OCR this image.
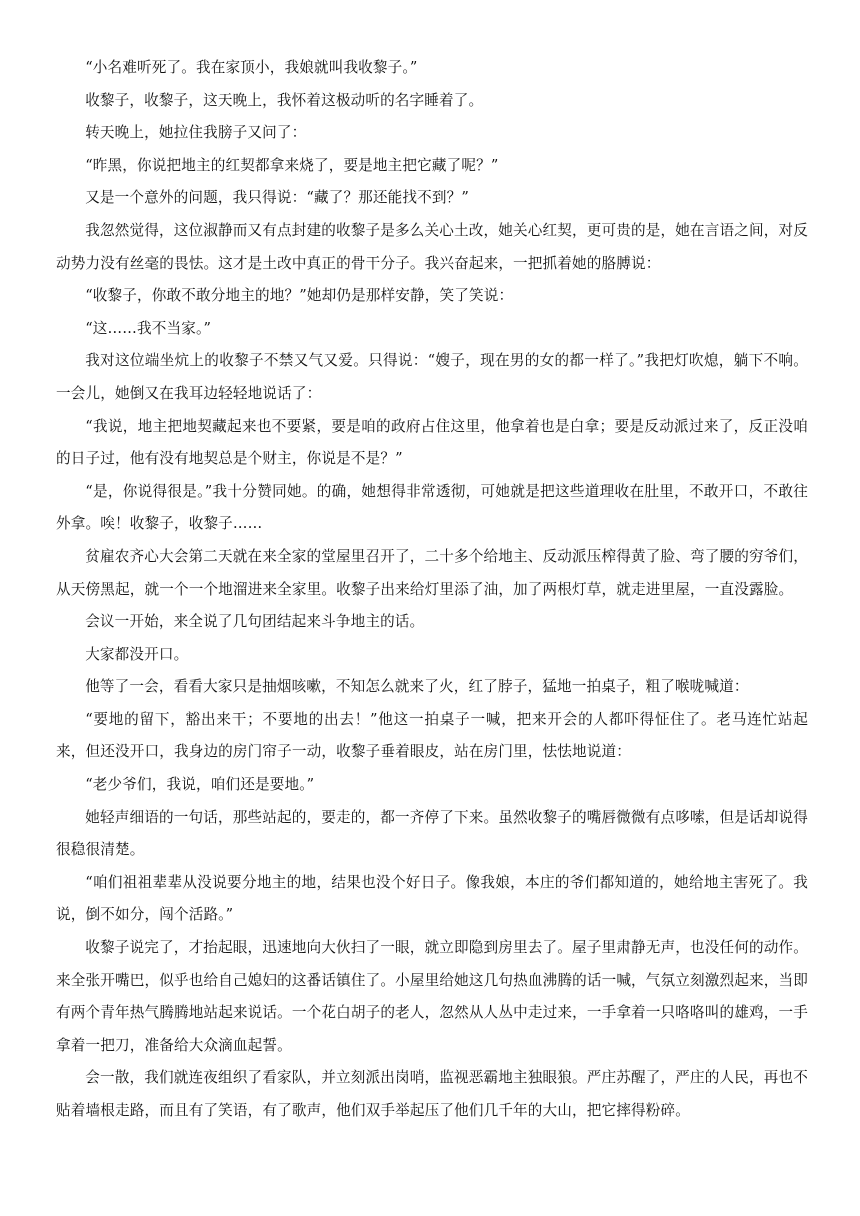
“小名难听死了。我在家顶小，我娘就叫我收黎子。”

收黎子，收黎子，这天晚上，我怀着这极动听的名字睡着了。

转天晚上，她拉住我膀子又问了：

“昨黑，你说把地主的红契都拿来烧了，要是地主把它藏了呢？”

又是一个意外的问题，我只得说：“藏了？那还能找不到？”

我忽然觉得，这位淑静而又有点封建的收黎子是多么关心土改，她关心红契，更可贵的是，她在言语之间，对反动势力没有丝毫的畏怯。这才是土改中真正的骨干分子。我兴奋起来，一把抓着她的胳膊说：

“收黎子，你敢不敢分地主的地？”她却仍是那样安静，笑了笑说：

“这……我不当家。”

我对这位端坐炕上的收黎子不禁又气又爱。只得说：“嫂子，现在男的女的都一样了。”我把灯吹熄，躺下不响。一会儿，她倒又在我耳边轻轻地说话了：

“我说，地主把地契藏起来也不要紧，要是咱的政府占住这里，他拿着也是白拿；要是反动派过来了，反正没咱的日子过，他有没有地契总是个财主，你说是不是？”

“是，你说得很是。”我十分赞同她。的确，她想得非常透彻，可她就是把这些道理收在肚里，不敢开口，不敢往外拿。唉！收黎子，收黎子……

贫雇农齐心大会第二天就在来全家的堂屋里召开了，二十多个给地主、反动派压榨得黄了脸、弯了腰的穷爷们，从天傍黑起，就一个一个地溜进来全家里。收黎子出来给灯里添了油，加了两根灯草，就走进里屋，一直没露脸。

会议一开始，来全说了几句团结起来斗争地主的话。

大家都没开口。

他等了一会，看看大家只是抽烟咳嗽，不知怎么就来了火，红了脖子，猛地一拍桌子，粗了喉咙喊道：

“要地的留下，豁出来干；不要地的出去！”他这一拍桌子一喊，把来开会的人都吓得怔住了。老马连忙站起来，但还没开口，我身边的房门帘子一动，收黎子垂着眼皮，站在房门里，怯怯地说道：

“老少爷们，我说，咱们还是要地。”

她轻声细语的一句话，那些站起的，要走的，都一齐停了下来。虽然收黎子的嘴唇微微有点哆嗦，但是话却说得很稳很清楚。

“咱们祖祖辈辈从没说要分地主的地，结果也没个好日子。像我娘，本庄的爷们都知道的，她给地主害死了。我说，倒不如分，闯个活路。”

收黎子说完了，才抬起眼，迅速地向大伙扫了一眼，就立即隐到房里去了。屋子里肃静无声，也没任何的动作。来全张开嘴巴，似乎也给自己媳妇的这番话镇住了。小屋里给她这几句热血沸腾的话一喊，气氛立刻激烈起来，当即有两个青年热气腾腾地站起来说话。一个花白胡子的老人，忽然从人丛中走过来，一手拿着一只咯咯叫的雄鸡，一手拿着一把刀，准备给大众滴血起誓。

会一散，我们就连夜组织了看家队，并立刻派出岗哨，监视恶霸地主独眼狼。严庄苏醒了，严庄的人民，再也不贴着墙根走路，而且有了笑语，有了歌声，他们双手举起压了他们几千年的大山，把它摔得粉碎。
